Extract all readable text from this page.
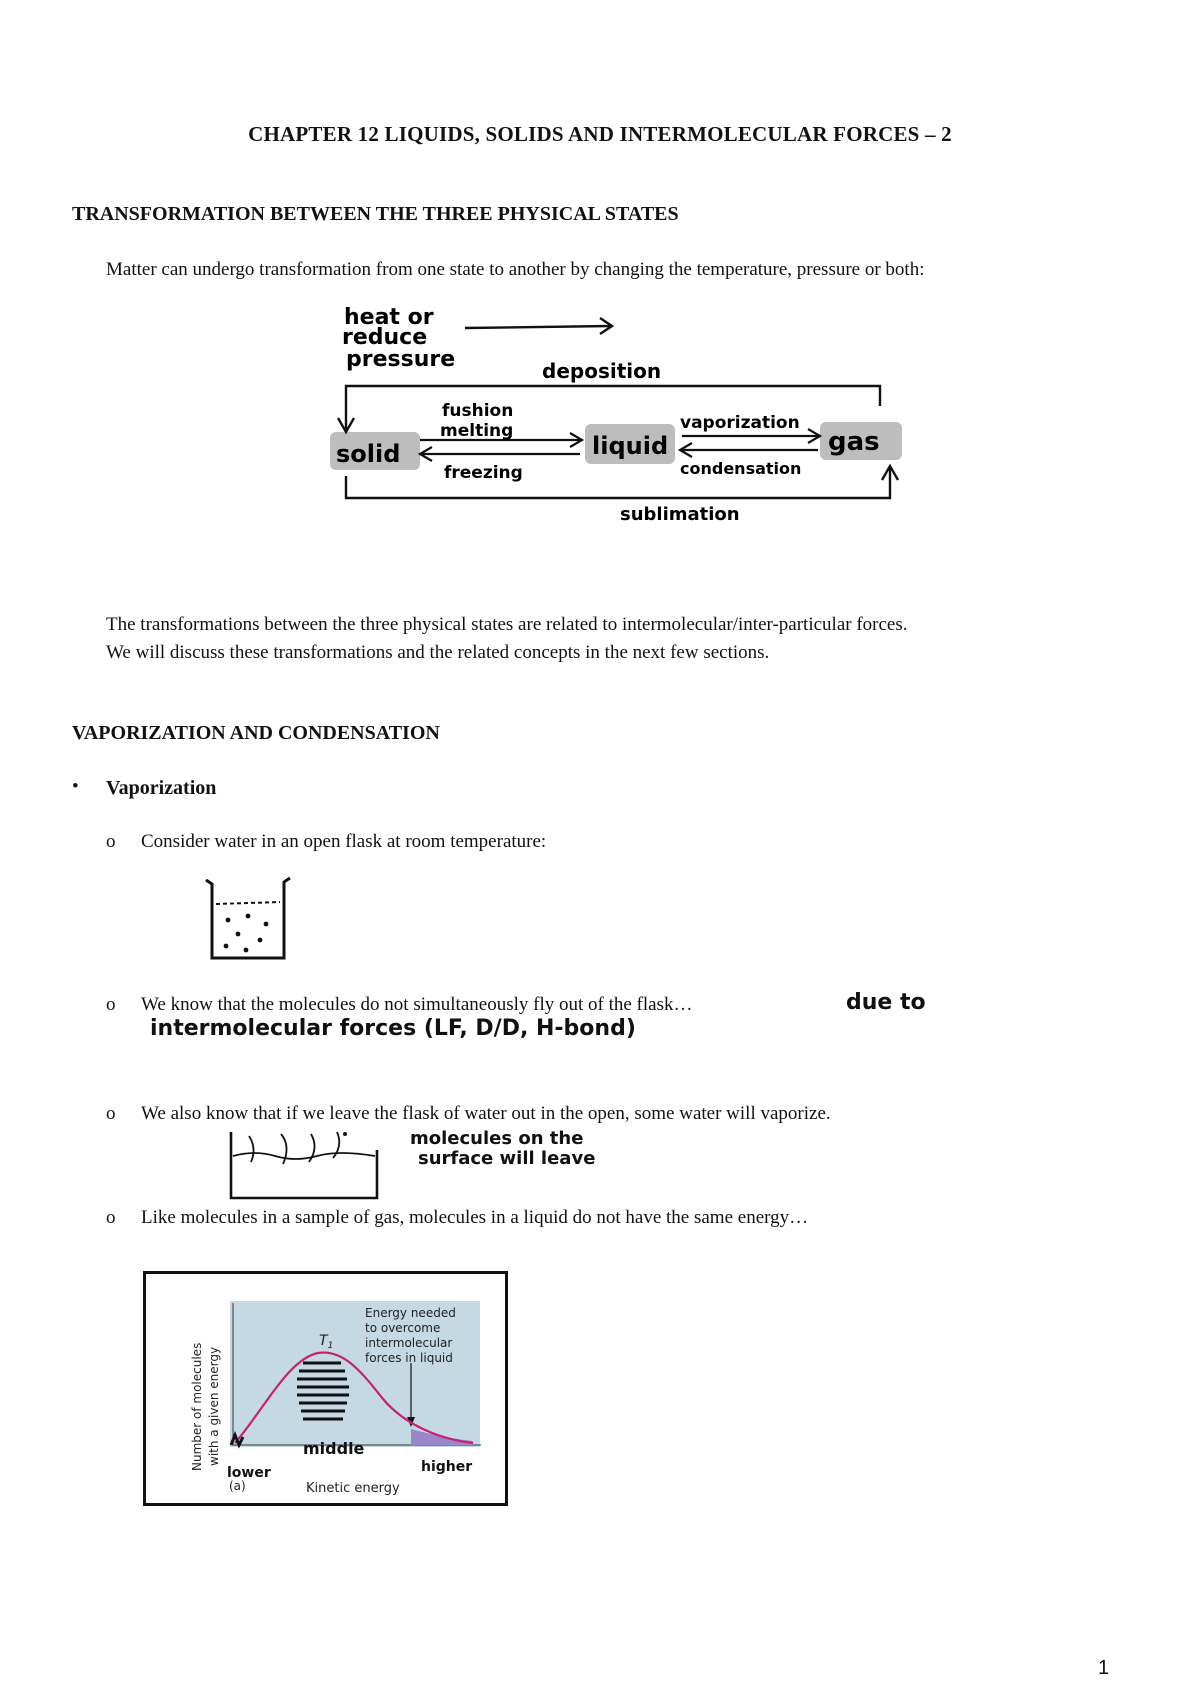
CHAPTER 12 LIQUIDS, SOLIDS AND INTERMOLECULAR FORCES – 2
TRANSFORMATION BETWEEN THE THREE PHYSICAL STATES
Matter can undergo transformation from one state to another by changing the temperature, pressure or both:
heat or
reduce
pressure	deposition
fushion
melting
freezing
vaporization
condensation
sublimation
solid	liquid	gas
The transformations between the three physical states are related to intermolecular/inter-particular forces.
We will discuss these transformations and the related concepts in the next few sections.
VAPORIZATION AND CONDENSATION
• Vaporization
o Consider water in an open flask at room temperature:
o We know that the molecules do not simultaneously fly out of the flask…	due to
intermolecular forces (LF, D/D, H-bond)
o We also know that if we leave the flask of water out in the open, some water will vaporize.
molecules on the
surface will leave
o Like molecules in a sample of gas, molecules in a liquid do not have the same energy…
Number of molecules with a given energy
Kinetic energy
(a)
$T_1$
Energy needed
to overcome
intermolecular
forces in liquid
middle
lower	higher
1
